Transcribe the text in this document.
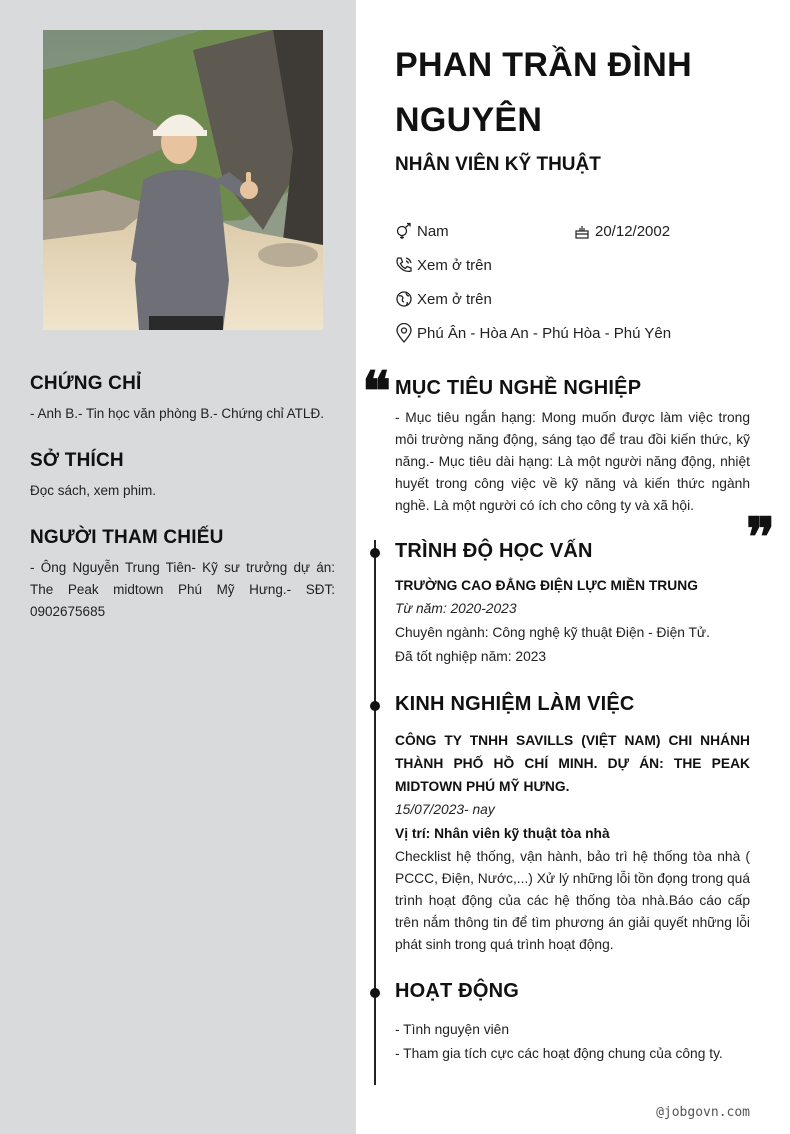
CHỨNG CHỈ
- Anh B.- Tin học văn phòng B.- Chứng chỉ ATLĐ.
SỞ THÍCH
Đọc sách, xem phim.
NGƯỜI THAM CHIẾU
- Ông Nguyễn Trung Tiên- Kỹ sư trưởng dự án: The Peak midtown Phú Mỹ Hưng.- SĐT: 0902675685
PHAN TRẦN ĐÌNH
NGUYÊN
NHÂN VIÊN KỸ THUẬT
Nam	20/12/2002
Xem ở trên
Xem ở trên
Phú Ân - Hòa An - Phú Hòa - Phú Yên
❝ MỤC TIÊU NGHỀ NGHIỆP
- Mục tiêu ngắn hạng: Mong muốn được làm việc trong môi trường năng động, sáng tạo để trau đồi kiến thức, kỹ năng.- Mục tiêu dài hạng: Là một người năng động, nhiệt huyết trong công việc về kỹ năng và kiến thức ngành nghề. Là một người có ích cho công ty và xã hội. ❞
TRÌNH ĐỘ HỌC VẤN
TRƯỜNG CAO ĐẲNG ĐIỆN LỰC MIỀN TRUNG
Từ năm: 2020-2023
Chuyên ngành: Công nghệ kỹ thuật Điện - Điện Tử.
Đã tốt nghiệp năm: 2023
KINH NGHIỆM LÀM VIỆC
CÔNG TY TNHH SAVILLS (VIỆT NAM) CHI NHÁNH THÀNH PHỐ HỒ CHÍ MINH. DỰ ÁN: THE PEAK MIDTOWN PHÚ MỸ HƯNG.
15/07/2023- nay
Vị trí: Nhân viên kỹ thuật tòa nhà
Checklist hệ thống, vận hành, bảo trì hệ thống tòa nhà ( PCCC, Điện, Nước,...) Xử lý những lỗi tồn đọng trong quá trình hoạt động của các hệ thống tòa nhà.Báo cáo cấp trên nắm thông tin để tìm phương án giải quyết những lỗi phát sinh trong quá trình hoạt động.
HOẠT ĐỘNG
- Tình nguyện viên
- Tham gia tích cực các hoạt động chung của công ty.
@jobgovn.com
